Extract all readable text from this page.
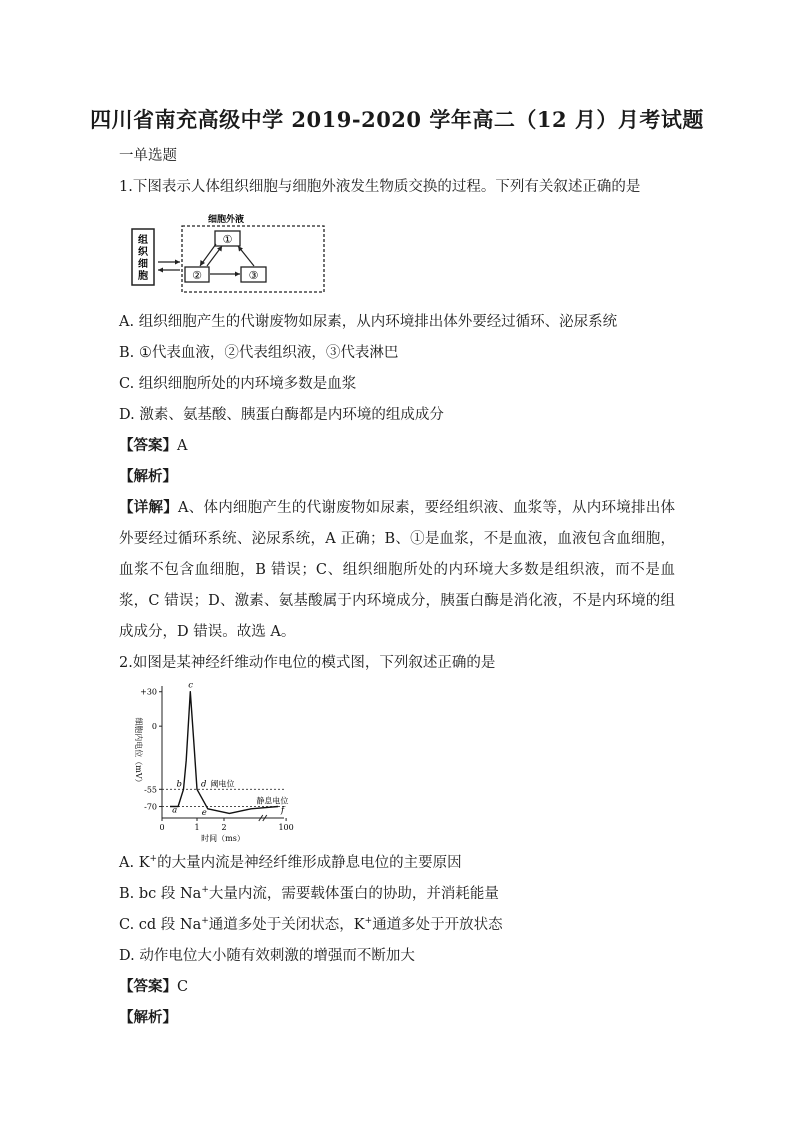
四川省南充高级中学 2019-2020 学年高二（12 月）月考试题
一单选题
1.下图表示人体组织细胞与细胞外液发生物质交换的过程。下列有关叙述正确的是
组
织
细
胞
细胞外液
①
②	③
A. 组织细胞产生的代谢废物如尿素，从内环境排出体外要经过循环、泌尿系统
B. ①代表血液，②代表组织液，③代表淋巴
C. 组织细胞所处的内环境多数是血浆
D. 激素、氨基酸、胰蛋白酶都是内环境的组成成分
【答案】A
【解析】
【详解】A、体内细胞产生的代谢废物如尿素，要经组织液、血浆等，从内环境排出体外要经过循环系统、泌尿系统，A 正确；B、①是血浆，不是血液，血液包含血细胞，血浆不包含血细胞，B 错误；C、组织细胞所处的内环境大多数是组织液，而不是血浆，C 错误；D、激素、氨基酸属于内环境成分，胰蛋白酶是消化液，不是内环境的组成成分，D 错误。故选 A。
2.如图是某神经纤维动作电位的模式图，下列叙述正确的是
+30
0
-55
-70
0	1	2	100
时间（ms）
细胞内电位（mV）	阈电位
静息电位
a
b
c
d
e	f
A. K+的大量内流是神经纤维形成静息电位的主要原因
B. bc 段 Na+大量内流，需要载体蛋白的协助，并消耗能量
C. cd 段 Na+通道多处于关闭状态，K+通道多处于开放状态
D. 动作电位大小随有效刺激的增强而不断加大
【答案】C
【解析】
